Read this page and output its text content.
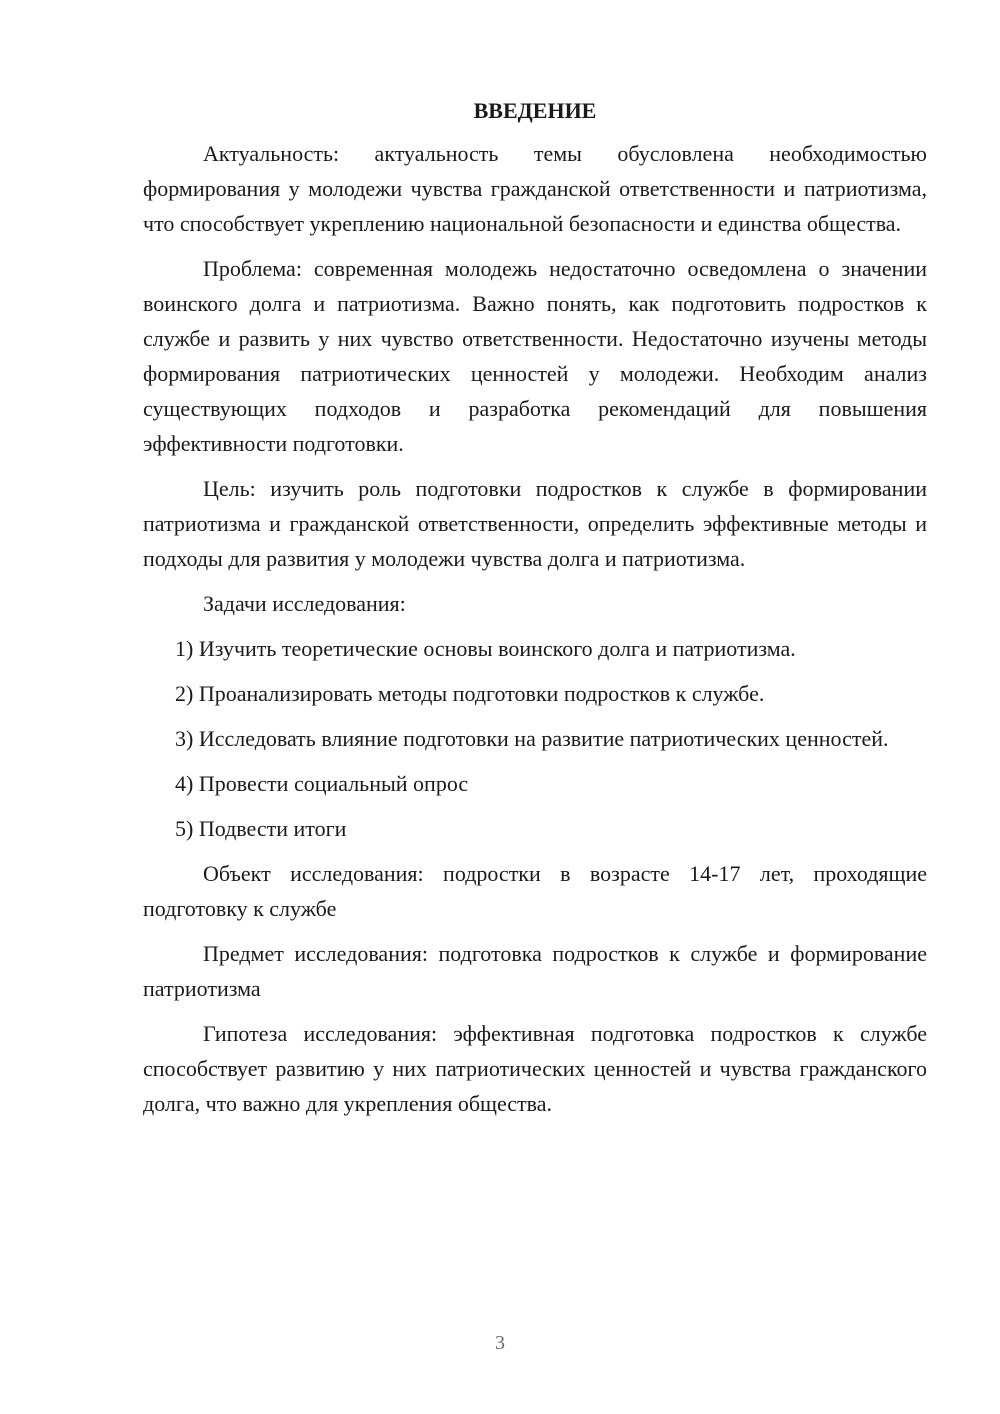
ВВЕДЕНИЕ

Актуальность: актуальность темы обусловлена необходимостью формирования у молодежи чувства гражданской ответственности и патриотизма, что способствует укреплению национальной безопасности и единства общества.

Проблема: современная молодежь недостаточно осведомлена о значении воинского долга и патриотизма. Важно понять, как подготовить подростков к службе и развить у них чувство ответственности. Недостаточно изучены методы формирования патриотических ценностей у молодежи. Необходим анализ существующих подходов и разработка рекомендаций для повышения эффективности подготовки.

Цель: изучить роль подготовки подростков к службе в формировании патриотизма и гражданской ответственности, определить эффективные методы и подходы для развития у молодежи чувства долга и патриотизма.

Задачи исследования:

1) Изучить теоретические основы воинского долга и патриотизма.

2) Проанализировать методы подготовки подростков к службе.

3) Исследовать влияние подготовки на развитие патриотических ценностей.

4) Провести социальный опрос

5) Подвести итоги

Объект исследования: подростки в возрасте 14-17 лет, проходящие подготовку к службе

Предмет исследования: подготовка подростков к службе и формирование патриотизма

Гипотеза исследования: эффективная подготовка подростков к службе способствует развитию у них патриотических ценностей и чувства гражданского долга, что важно для укрепления общества.

3
